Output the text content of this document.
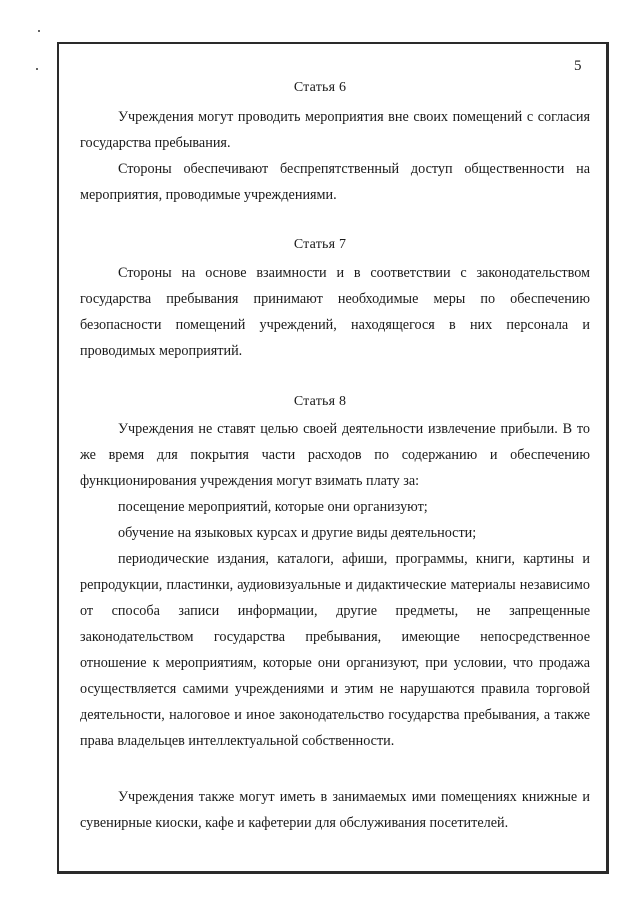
5
Статья 6

Учреждения могут проводить мероприятия вне своих помещений с согласия государства пребывания.

Стороны обеспечивают беспрепятственный доступ общественности на мероприятия, проводимые учреждениями.

Статья 7

Стороны на основе взаимности и в соответствии с законодательством государства пребывания принимают необходимые меры по обеспечению безопасности помещений учреждений, находящегося в них персонала и проводимых мероприятий.

Статья 8

Учреждения не ставят целью своей деятельности извлечение прибыли. В то же время для покрытия части расходов по содержанию и обеспечению функционирования учреждения могут взимать плату за:

посещение мероприятий, которые они организуют;

обучение на языковых курсах и другие виды деятельности;

периодические издания, каталоги, афиши, программы, книги, картины и репродукции, пластинки, аудиовизуальные и дидактические материалы независимо от способа записи информации, другие предметы, не запрещенные законодательством государства пребывания, имеющие непосредственное отношение к мероприятиям, которые они организуют, при условии, что продажа осуществляется самими учреждениями и этим не нарушаются правила торговой деятельности, налоговое и иное законодательство государства пребывания, а также права владельцев интеллектуальной собственности.

Учреждения также могут иметь в занимаемых ими помещениях книжные и сувенирные киоски, кафе и кафетерии для обслуживания посетителей.
